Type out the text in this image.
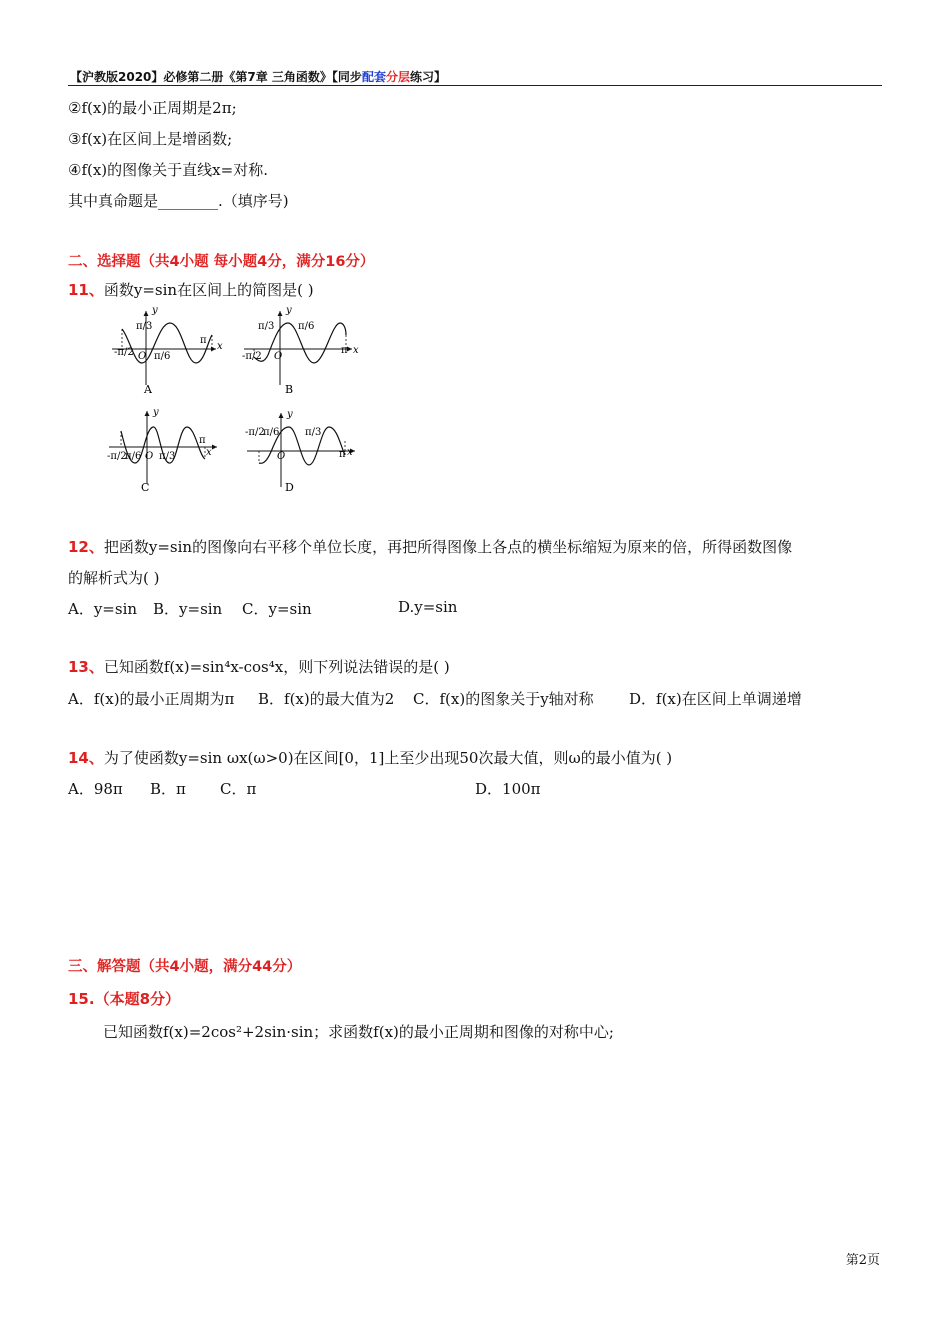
【沪教版2020】必修第二册《第7章 三角函数》【同步配套分层练习】
②f(x)的最小正周期是2π;
③f(x)在区间上是增函数;
④f(x)的图像关于直线x=对称.
其中真命题是________.（填序号)
二、选择题（共4小题 每小题4分，满分16分）
11、函数y=sin在区间上的简图是( )
y
x
π/3
-π/2 O π/6
π
A
y
x
π/3 π/6
-π/2 O
π
B
y
x
-π/2
π/6 O π/3
π
C
y
x
-π/2
π/6	π/3
O	π
D
12、把函数y=sin的图像向右平移个单位长度，再把所得图像上各点的横坐标缩短为原来的倍，所得函数图像
的解析式为( )
A．y=sin B．y=sin C．y=sin	D.y=sin
13、已知函数f(x)=sin⁴x-cos⁴x，则下列说法错误的是( )
A．f(x)的最小正周期为π B．f(x)的最大值为2 C．f(x)的图象关于y轴对称 D．f(x)在区间上单调递增
14、为了使函数y=sin ωx(ω>0)在区间[0，1]上至少出现50次最大值，则ω的最小值为( )
A．98π B．π C．π	D．100π
三、解答题（共4小题，满分44分）
15.（本题8分）
已知函数f(x)=2cos²+2sin·sin；求函数f(x)的最小正周期和图像的对称中心;
第2页
